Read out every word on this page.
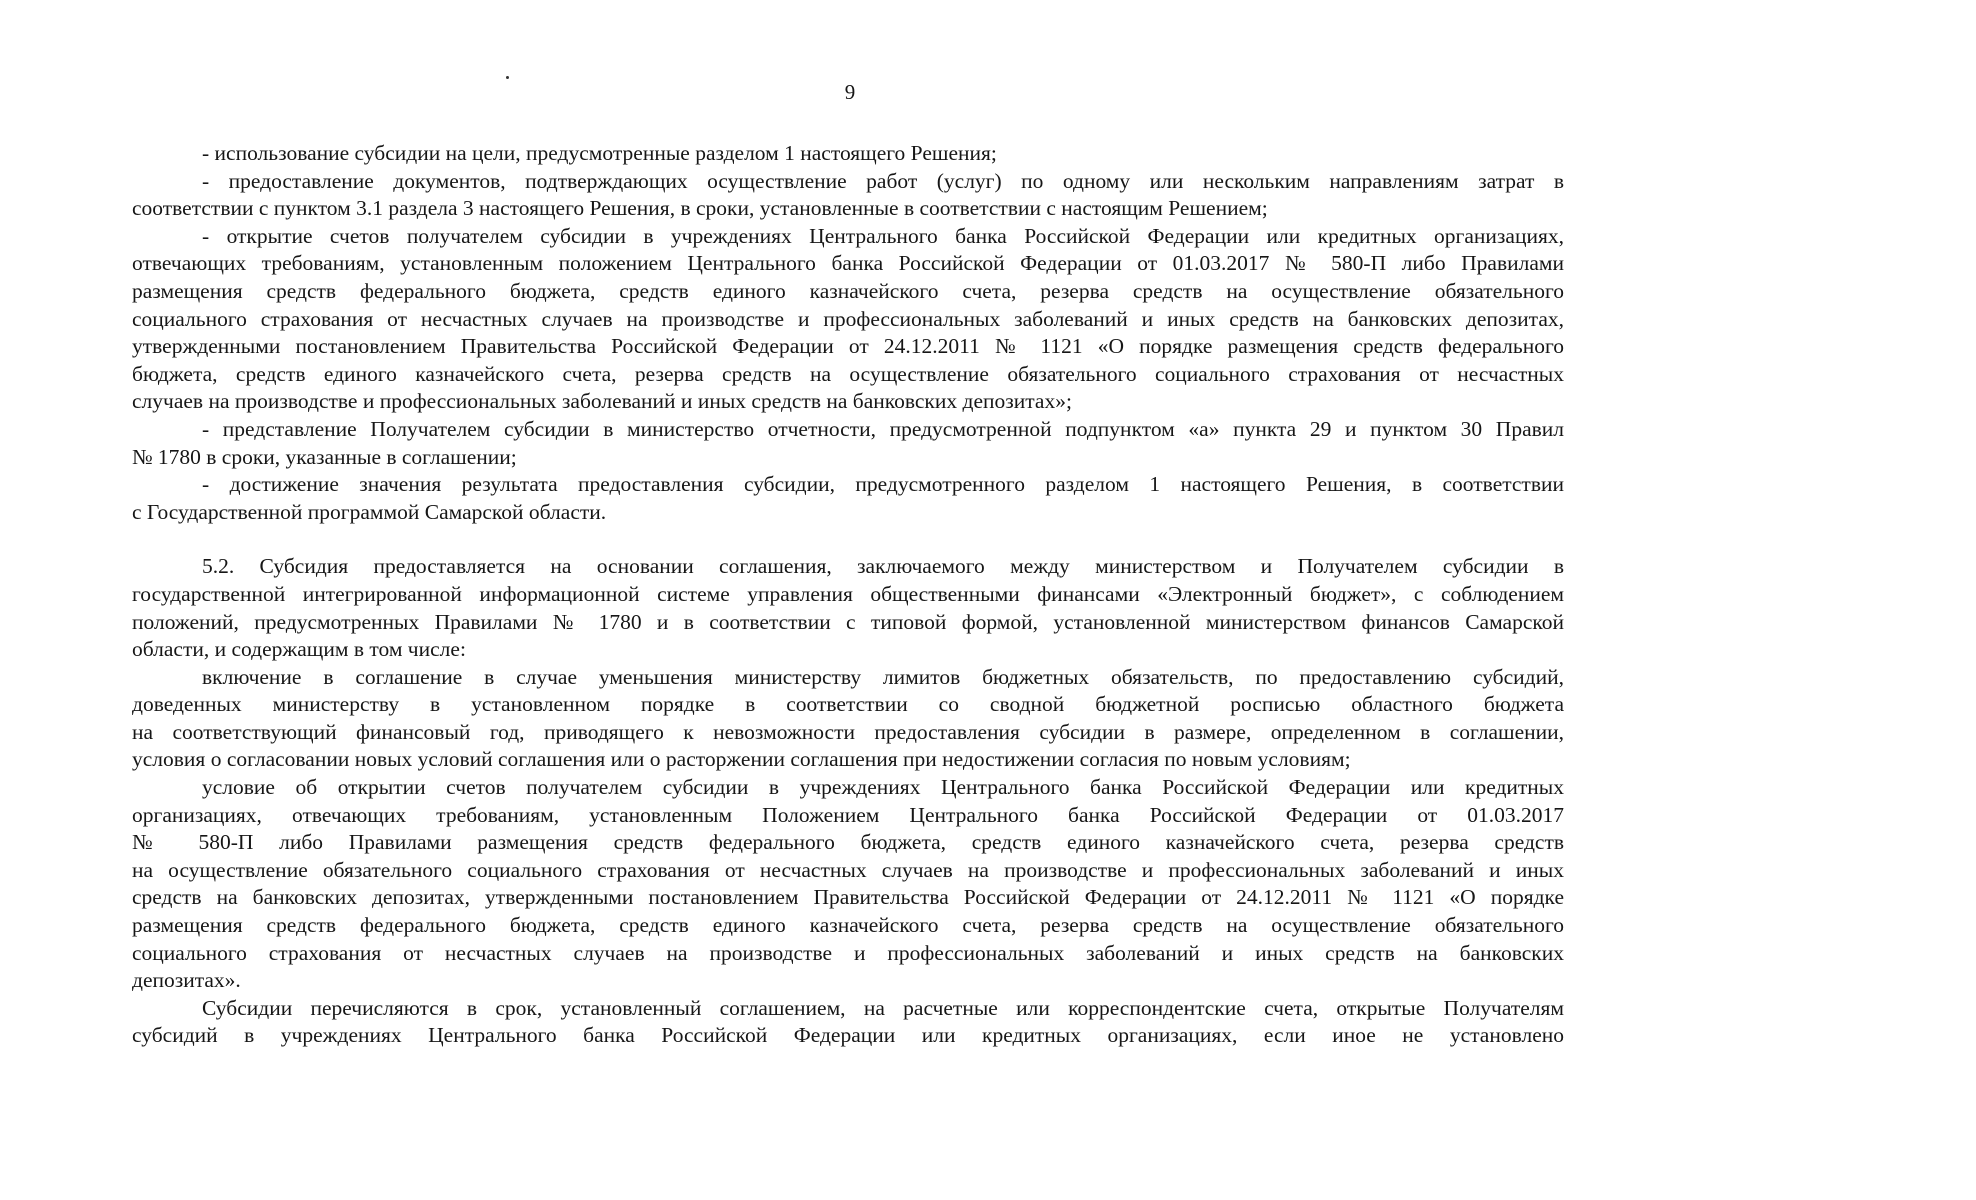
9
- использование субсидии на цели, предусмотренные разделом 1 настоящего Решения;
- предоставление документов, подтверждающих осуществление работ (услуг) по одному или нескольким направлениям затрат в
соответствии с пунктом 3.1 раздела 3 настоящего Решения, в сроки, установленные в соответствии с настоящим Решением;
- открытие счетов получателем субсидии в учреждениях Центрального банка Российской Федерации или кредитных организациях,
отвечающих требованиям, установленным положением Центрального банка Российской Федерации от 01.03.2017 № 580-П либо Правилами
размещения средств федерального бюджета, средств единого казначейского счета, резерва средств на осуществление обязательного
социального страхования от несчастных случаев на производстве и профессиональных заболеваний и иных средств на банковских депозитах,
утвержденными постановлением Правительства Российской Федерации от 24.12.2011 № 1121 «О порядке размещения средств федерального
бюджета, средств единого казначейского счета, резерва средств на осуществление обязательного социального страхования от несчастных
случаев на производстве и профессиональных заболеваний и иных средств на банковских депозитах»;
- представление Получателем субсидии в министерство отчетности, предусмотренной подпунктом «а» пункта 29 и пунктом 30 Правил
№ 1780 в сроки, указанные в соглашении;
- достижение значения результата предоставления субсидии, предусмотренного разделом 1 настоящего Решения, в соответствии
с Государственной программой Самарской области.
5.2. Субсидия предоставляется на основании соглашения, заключаемого между министерством и Получателем субсидии в
государственной интегрированной информационной системе управления общественными финансами «Электронный бюджет», с соблюдением
положений, предусмотренных Правилами № 1780 и в соответствии с типовой формой, установленной министерством финансов Самарской
области, и содержащим в том числе:
включение в соглашение в случае уменьшения министерству лимитов бюджетных обязательств, по предоставлению субсидий,
доведенных министерству в установленном порядке в соответствии со сводной бюджетной росписью областного бюджета
на соответствующий финансовый год, приводящего к невозможности предоставления субсидии в размере, определенном в соглашении,
условия о согласовании новых условий соглашения или о расторжении соглашения при недостижении согласия по новым условиям;
условие об открытии счетов получателем субсидии в учреждениях Центрального банка Российской Федерации или кредитных
организациях, отвечающих требованиям, установленным Положением Центрального банка Российской Федерации от 01.03.2017
№ 580-П либо Правилами размещения средств федерального бюджета, средств единого казначейского счета, резерва средств
на осуществление обязательного социального страхования от несчастных случаев на производстве и профессиональных заболеваний и иных
средств на банковских депозитах, утвержденными постановлением Правительства Российской Федерации от 24.12.2011 № 1121 «О порядке
размещения средств федерального бюджета, средств единого казначейского счета, резерва средств на осуществление обязательного
социального страхования от несчастных случаев на производстве и профессиональных заболеваний и иных средств на банковских
депозитах».
Субсидии перечисляются в срок, установленный соглашением, на расчетные или корреспондентские счета, открытые Получателям
субсидий в учреждениях Центрального банка Российской Федерации или кредитных организациях, если иное не установлено
